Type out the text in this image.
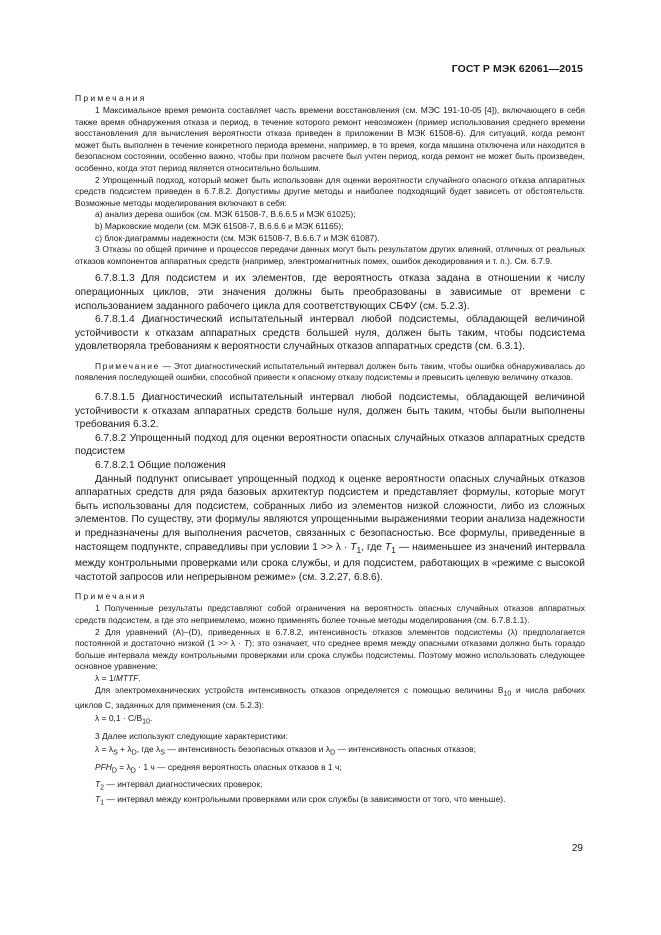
ГОСТ Р МЭК 62061—2015
Примечания

1 Максимальное время ремонта составляет часть времени восстановления (см. МЭС 191-10-05 [4]), включающего в себя также время обнаружения отказа и период, в течение которого ремонт невозможен (пример использования среднего времени восстановления для вычисления вероятности отказа приведен в приложении B МЭК 61508-6). Для ситуаций, когда ремонт может быть выполнен в течение конкретного периода времени, например, в то время, когда машина отключена или находится в безопасном состоянии, особенно важно, чтобы при полном расчете был учтен период, когда ремонт не может быть произведен, особенно, когда этот период является относительно большим.

2 Упрощенный подход, который может быть использован для оценки вероятности случайного опасного отказа аппаратных средств подсистем приведен в 6.7.8.2. Допустимы другие методы и наиболее подходящий будет зависеть от обстоятельств. Возможные методы моделирования включают в себя:

a) анализ дерева ошибок (см. МЭК 61508-7, B.6.6.5 и МЭК 61025);

b) Марковские модели (см. МЭК 61508-7, B.6.6.6 и МЭК 61165);

c) блок-диаграммы надежности (см. МЭК 61508-7, B.6.6.7 и МЭК 61087).

3 Отказы по общей причине и процессов передачи данных могут быть результатом других влияний, отличных от реальных отказов компонентов аппаратных средств (например, электромагнитных помех, ошибок декодирования и т. п.). См. 6.7.9.

6.7.8.1.3 Для подсистем и их элементов, где вероятность отказа задана в отношении к числу операционных циклов, эти значения должны быть преобразованы в зависимые от времени с использованием заданного рабочего цикла для соответствующих СБФУ (см. 5.2.3).

6.7.8.1.4 Диагностический испытательный интервал любой подсистемы, обладающей величиной устойчивости к отказам аппаратных средств большей нуля, должен быть таким, чтобы подсистема удовлетворяла требованиям к вероятности случайных отказов аппаратных средств (см. 6.3.1).

Примечание — Этот диагностический испытательный интервал должен быть таким, чтобы ошибка обнаруживалась до появления последующей ошибки, способной привести к опасному отказу подсистемы и превысить целевую величину отказов.

6.7.8.1.5 Диагностический испытательный интервал любой подсистемы, обладающей величиной устойчивости к отказам аппаратных средств больше нуля, должен быть таким, чтобы были выполнены требования 6.3.2.

6.7.8.2 Упрощенный подход для оценки вероятности опасных случайных отказов аппаратных средств подсистем

6.7.8.2.1 Общие положения

Данный подпункт описывает упрощенный подход к оценке вероятности опасных случайных отказов аппаратных средств для ряда базовых архитектур подсистем и представляет формулы, которые могут быть использованы для подсистем, собранных либо из элементов низкой сложности, либо из сложных элементов. По существу, эти формулы являются упрощенными выражениями теории анализа надежности и предназначены для выполнения расчетов, связанных с безопасностью. Все формулы, приведенные в настоящем подпункте, справедливы при условии $1 >> \lambda \cdot T_1$, где $T_1$ — наименьшее из значений интервала между контрольными проверками или срока службы, и для подсистем, работающих в «режиме с высокой частотой запросов или непрерывном режиме» (см. 3.2.27, 6.8.6).

Примечания

1 Полученные результаты представляют собой ограничения на вероятность опасных случайных отказов аппаратных средств подсистем, а где это неприемлемо, можно применять более точные методы моделирования (см. 6.7.8.1.1).

2 Для уравнений (A)–(D), приведенных в 6.7.8.2, интенсивность отказов элементов подсистемы (λ) предполагается постоянной и достаточно низкой (1 >> λ · T); это означает, что среднее время между опасными отказами должно быть гораздо больше интервала между контрольными проверками или срока службы подсистемы. Поэтому можно использовать следующее основное уравнение:

λ = 1/MTTF.

Для электромеханических устройств интенсивность отказов определяется с помощью величины $B_{10}$ и числа рабочих циклов C, заданных для применения (см. 5.2.3):

$\lambda = 0,1 \cdot C/B_{10}$.

3 Далее используют следующие характеристики:

$\lambda = \lambda_S + \lambda_D$, где $\lambda_S$ — интенсивность безопасных отказов и $\lambda_D$ — интенсивность опасных отказов;

$PFH_D = \lambda_D \cdot 1$ ч — средняя вероятность опасных отказов в 1 ч;

$T_2$ — интервал диагностических проверок;

$T_1$ — интервал между контрольными проверками или срок службы (в зависимости от того, что меньше).

29
